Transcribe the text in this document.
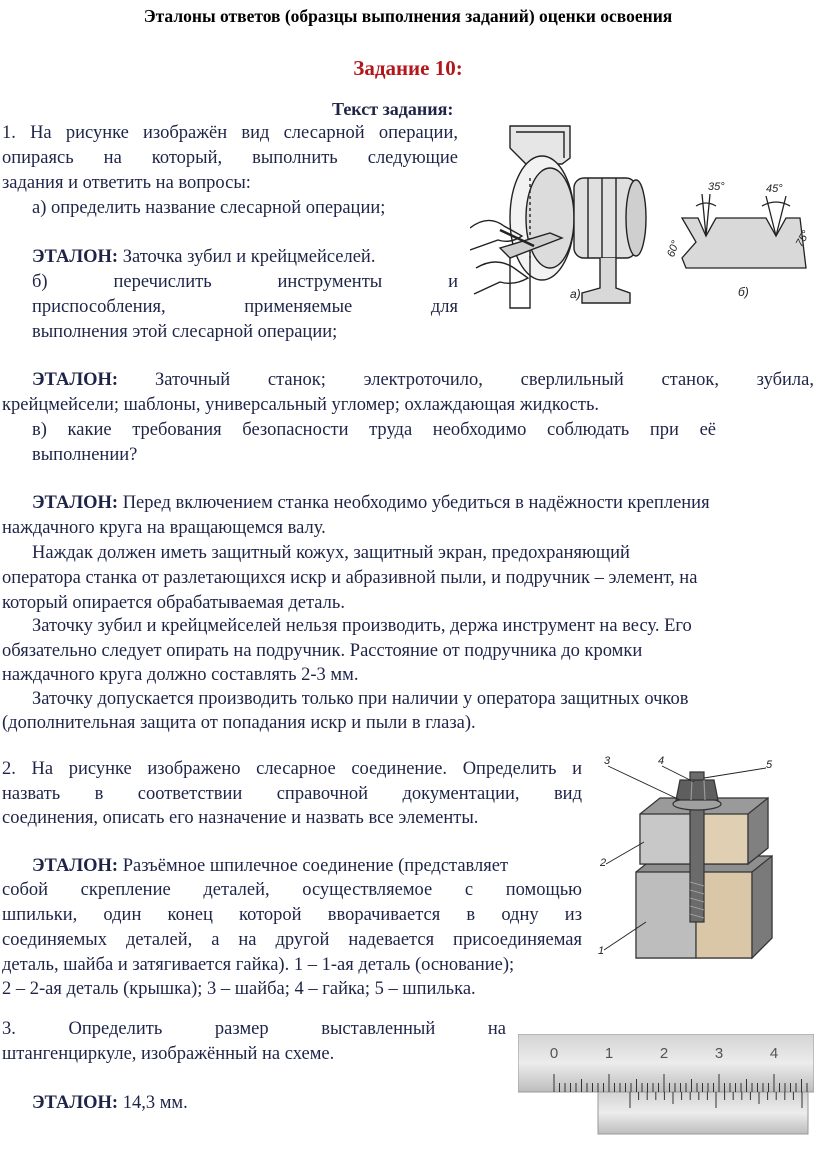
Эталоны ответов (образцы выполнения заданий) оценки освоения
Задание 10:
Текст задания:
1. На рисунке изображён вид слесарной операции,
опираясь на который, выполнить следующие
задания и ответить на вопросы:
а) определить название слесарной операции;
ЭТАЛОН: Заточка зубил и крейцмейселей.
б) перечислить инструменты и
приспособления, применяемые для
выполнения этой слесарной операции;
ЭТАЛОН:	Заточный станок; электроточило, сверлильный станок, зубила,
крейцмейсели; шаблоны, универсальный угломер; охлаждающая жидкость.
в) какие требования безопасности труда необходимо соблюдать при её
выполнении?
ЭТАЛОН: Перед включением станка необходимо убедиться в надёжности крепления
наждачного круга на вращающемся валу.
Наждак должен иметь защитный кожух, защитный экран, предохраняющий
оператора станка от разлетающихся искр и абразивной пыли, и подручник – элемент, на
который опирается обрабатываемая деталь.
Заточку зубил и крейцмейселей нельзя производить, держа инструмент на весу. Его
обязательно следует опирать на подручник. Расстояние от подручника до кромки
наждачного круга должно составлять 2-3 мм.
Заточку допускается производить только при наличии у оператора защитных очков
(дополнительная защита от попадания искр и пыли в глаза).
а)
35°	45°
60°	75°
б)
2. На рисунке изображено слесарное соединение. Определить и
назвать в соответствии справочной документации, вид
соединения, описать его назначение и назвать все элементы.
ЭТАЛОН: Разъёмное шпилечное соединение (представляет
собой скрепление деталей, осуществляемое с помощью
шпильки, один конец которой вворачивается в одну из
соединяемых деталей, а на другой надевается присоединяемая
деталь, шайба и затягивается гайка). 1 – 1-ая деталь (основание);
2 – 2-ая деталь (крышка); 3 – шайба; 4 – гайка; 5 – шпилька.
3	4	5
2
1
3. Определить размер выставленный на
штангенциркуле, изображённый на схеме.
ЭТАЛОН: 14,3 мм.
0	1	2	3	4
